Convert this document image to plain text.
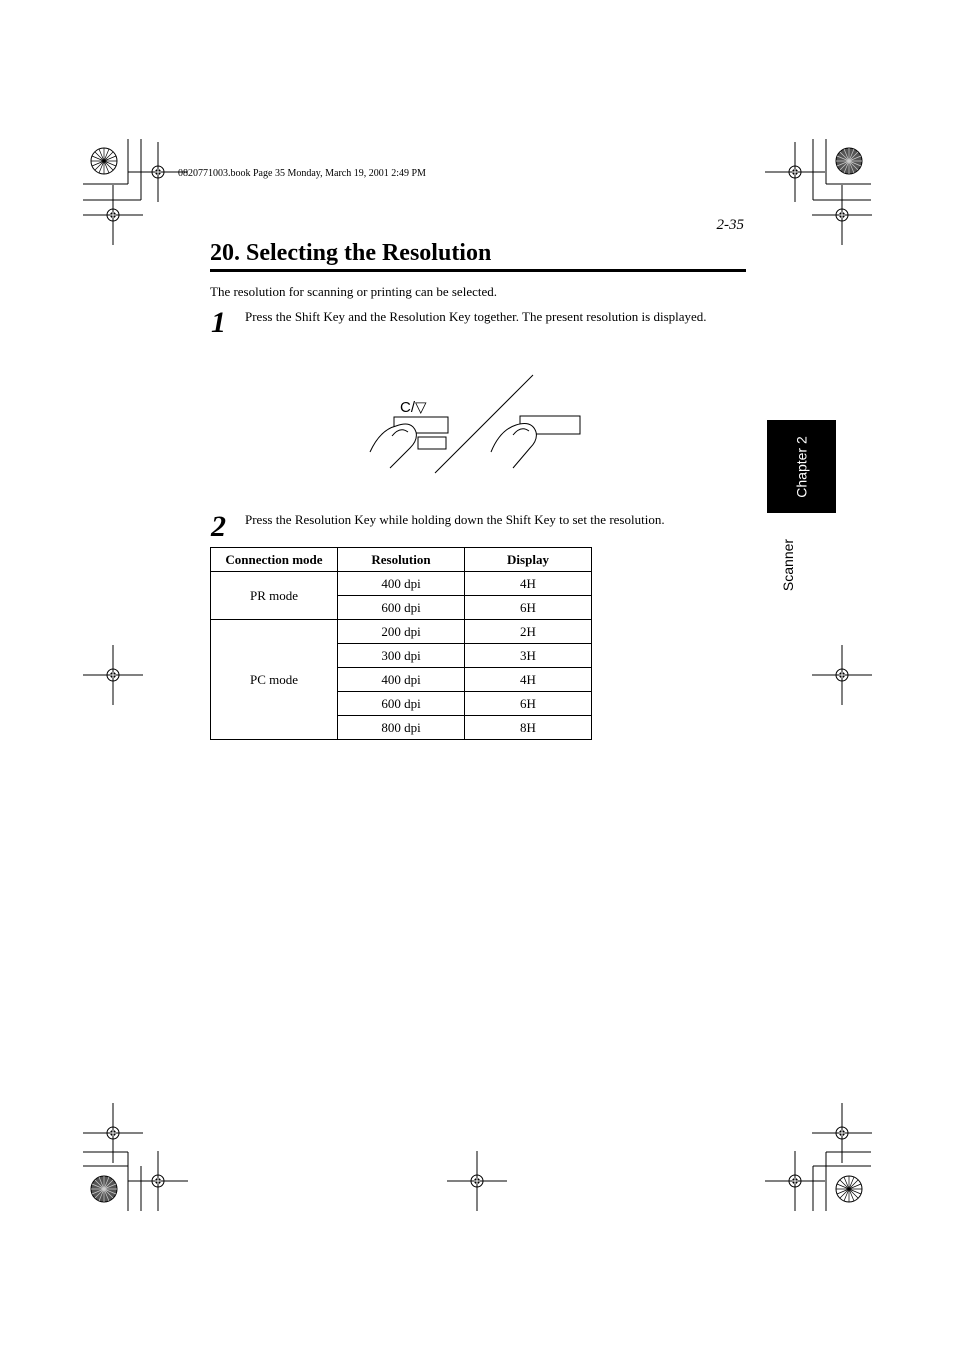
0820771003.book Page 35 Monday, March 19, 2001 2:49 PM
2-35
20. Selecting the Resolution
The resolution for scanning or printing can be selected.
1 Press the Shift Key and the Resolution Key together. The present resolution is displayed.
C/▽
2 Press the Resolution Key while holding down the Shift Key to set the resolution.
Connection mode	Resolution	Display
PR mode	400 dpi	4H
	600 dpi	6H
PC mode	200 dpi	2H
	300 dpi	3H
	400 dpi	4H
	600 dpi	6H
	800 dpi	8H
Chapter 2
Scanner
